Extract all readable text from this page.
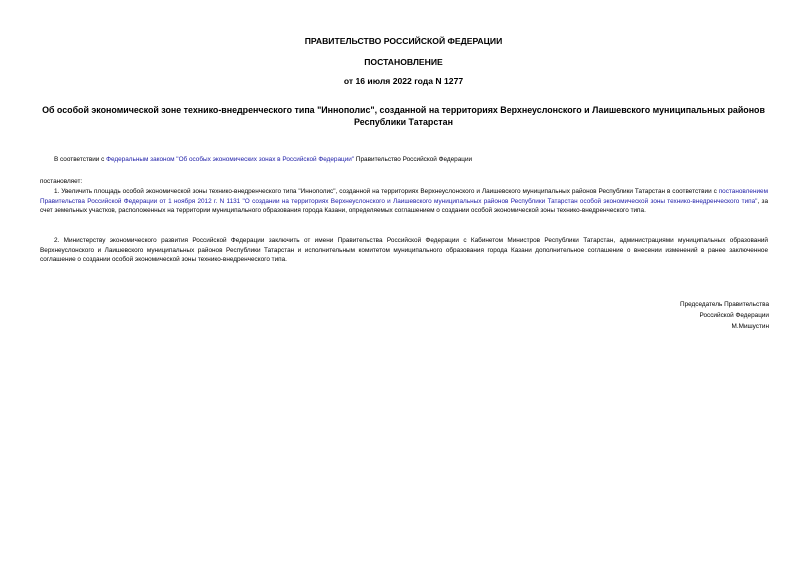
ПРАВИТЕЛЬСТВО РОССИЙСКОЙ ФЕДЕРАЦИИ
ПОСТАНОВЛЕНИЕ
от 16 июля 2022 года N 1277
Об особой экономической зоне технико-внедренческого типа "Иннополис", созданной на территориях Верхнеуслонского и Лаишевского муниципальных районов Республики Татарстан
В соответствии с Федеральным законом "Об особых экономических зонах в Российской Федерации" Правительство Российской Федерации
постановляет:
1. Увеличить площадь особой экономической зоны технико-внедренческого типа "Иннополис", созданной на территориях Верхнеуслонского и Лаишевского муниципальных районов Республики Татарстан в соответствии с постановлением Правительства Российской Федерации от 1 ноября 2012 г. N 1131 "О создании на территориях Верхнеуслонского и Лаишевского муниципальных районов Республики Татарстан особой экономической зоны технико-внедренческого типа", за счет земельных участков, расположенных на территории муниципального образования города Казани, определяемых соглашением о создании особой экономической зоны технико-внедренческого типа.
2. Министерству экономического развития Российской Федерации заключить от имени Правительства Российской Федерации с Кабинетом Министров Республики Татарстан, администрациями муниципальных образований Верхнеуслонского и Лаишевского муниципальных районов Республики Татарстан и исполнительным комитетом муниципального образования города Казани дополнительное соглашение о внесении изменений в ранее заключенное соглашение о создании особой экономической зоны технико-внедренческого типа.
Председатель Правительства
Российской Федерации
М.Мишустин
